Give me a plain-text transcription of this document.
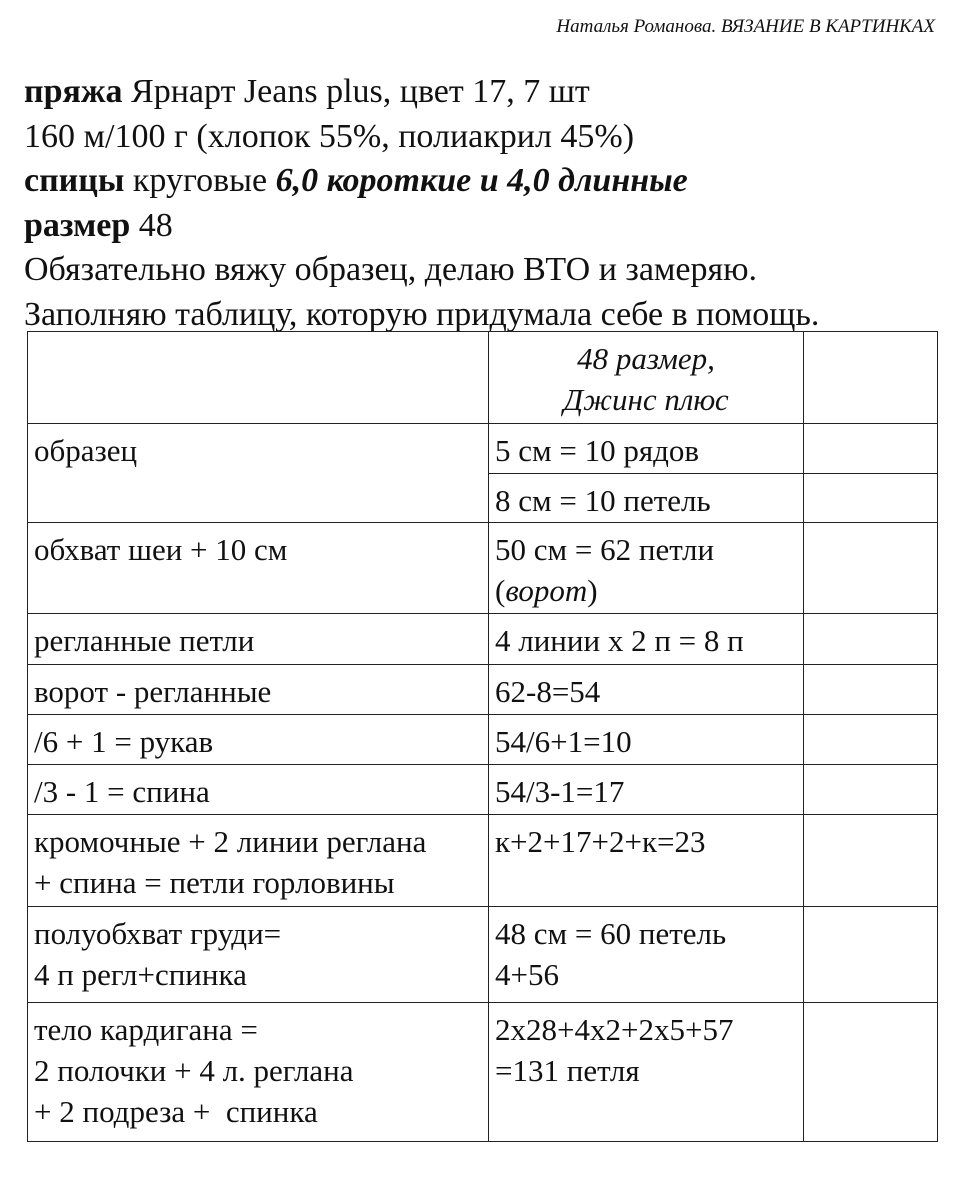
Наталья Романова. ВЯЗАНИЕ В КАРТИНКАХ
пряжа Ярнарт Jeans plus, цвет 17, 7 шт
160 м/100 г (хлопок 55%, полиакрил 45%)
спицы круговые 6,0 короткие и 4,0 длинные
размер 48
Обязательно вяжу образец, делаю ВТО и замеряю.
Заполняю таблицу, которую придумала себе в помощь.

	48 размер,
Джинс плюс	

образец	5 см = 10 рядов	

	8 см = 10 петель	

обхват шеи + 10 см	50 см = 62 петли
(ворот)	

регланные петли	4 линии х 2 п = 8 п	

ворот - регланные	62-8=54	

/6 + 1 = рукав	54/6+1=10	

/3 - 1 = спина	54/3-1=17	

кромочные + 2 линии реглана
+ спина = петли горловины	к+2+17+2+к=23	

полуобхват груди=
4 п регл+спинка	48 см = 60 петель
4+56	

тело кардигана =
2 полочки + 4 л. реглана
+ 2 подреза +  спинка	2х28+4х2+2х5+57
=131 петля	
